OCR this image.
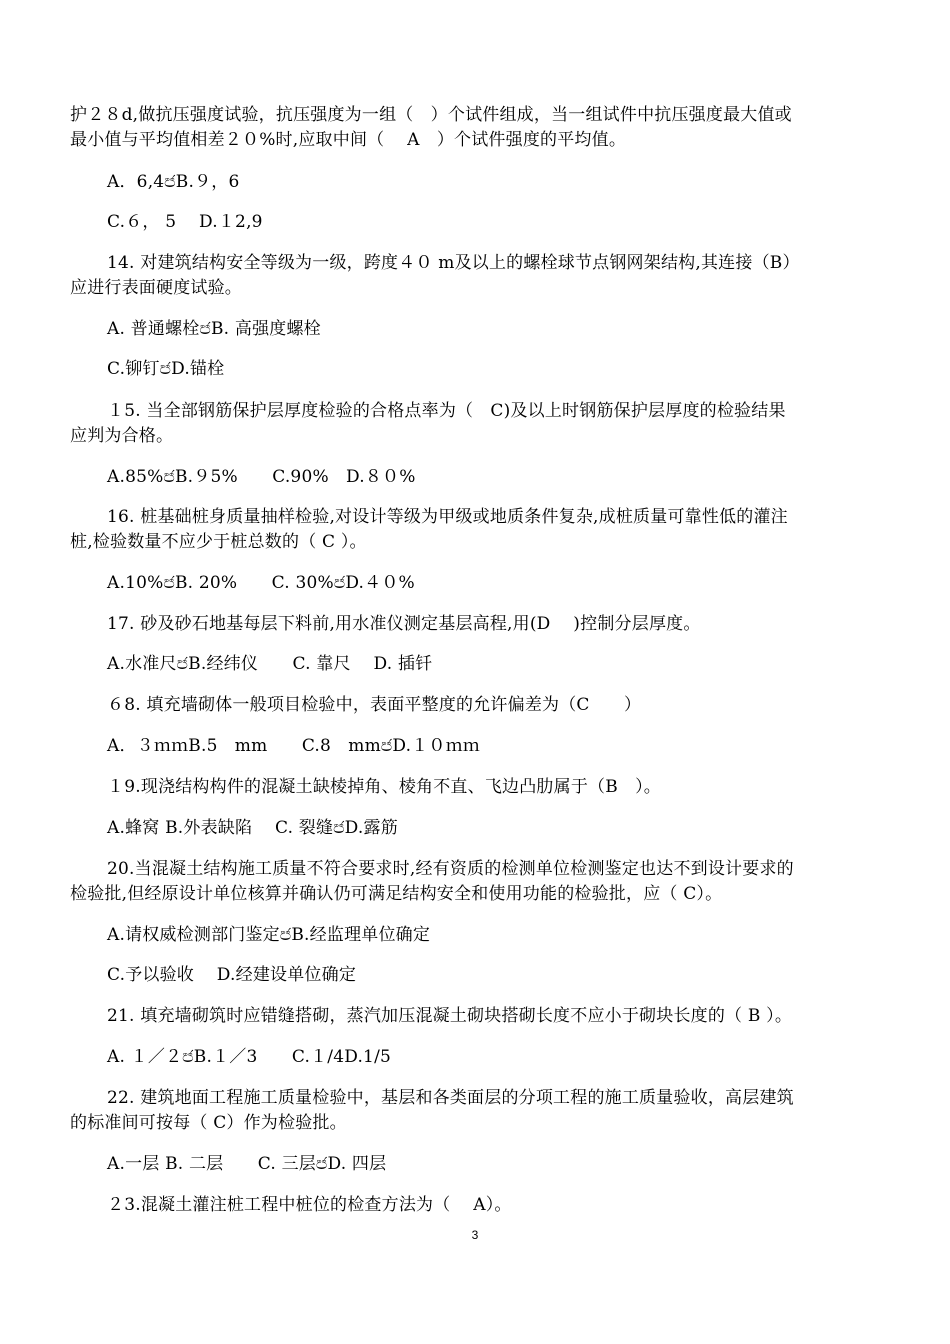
护２８d,做抗压强度试验，抗压强度为一组（　）个试件组成，当一组试件中抗压强度最大值或
最小值与平均值相差２０%时,应取中间（　 A　）个试件强度的平均值。
A．6,4෪B.９，6
C.６， 5　 D.１2,9
14. 对建筑结构安全等级为一级，跨度４０ m及以上的螺栓球节点钢网架结构,其连接（B）
应进行表面硬度试验。
A. 普通螺栓෪B. 高强度螺栓
C.铆钉෪D.锚栓
１5. 当全部钢筋保护层厚度检验的合格点率为（　C)及以上时钢筋保护层厚度的检验结果
应判为合格。
A.85%෪B.９5%　　C.90%　D.８０%
16. 桩基础桩身质量抽样检验,对设计等级为甲级或地质条件复杂,成桩质量可靠性低的灌注
桩,检验数量不应少于桩总数的（ C ）。
A.10%෪B. 20%　　C. 30%෪D.４０%
17. 砂及砂石地基每层下料前,用水准仪测定基层高程,用(D　 )控制分层厚度。
A.水准尺෪B.经纬仪　　C. 靠尺　 D. 插钎
６8. 填充墙砌体一般项目检验中，表面平整度的允许偏差为（C　　）
A．３ｍｍB.5　mm　　C.8　mm෪D.１０ｍｍ
１9.现浇结构构件的混凝土缺棱掉角、棱角不直、飞边凸肋属于（B　）。
A.蜂窝 B.外表缺陷　 C. 裂缝෪D.露筋
20.当混凝土结构施工质量不符合要求时,经有资质的检测单位检测鉴定也达不到设计要求的
检验批,但经原设计单位核算并确认仍可满足结构安全和使用功能的检验批，应（ C）。
A.请权威检测部门鉴定෪B.经监理单位确定
C.予以验收　 D.经建设单位确定
21. 填充墙砌筑时应错缝搭砌，蒸汽加压混凝土砌块搭砌长度不应小于砌块长度的（ B ）。
A. １／２෪B.１／3　　C.１/4D.1/5
22. 建筑地面工程施工质量检验中，基层和各类面层的分项工程的施工质量验收，高层建筑
的标准间可按每（ C）作为检验批。
A.一层 B. 二层　　C. 三层෪D. 四层
２3.混凝土灌注桩工程中桩位的检查方法为（　 A）。
3
